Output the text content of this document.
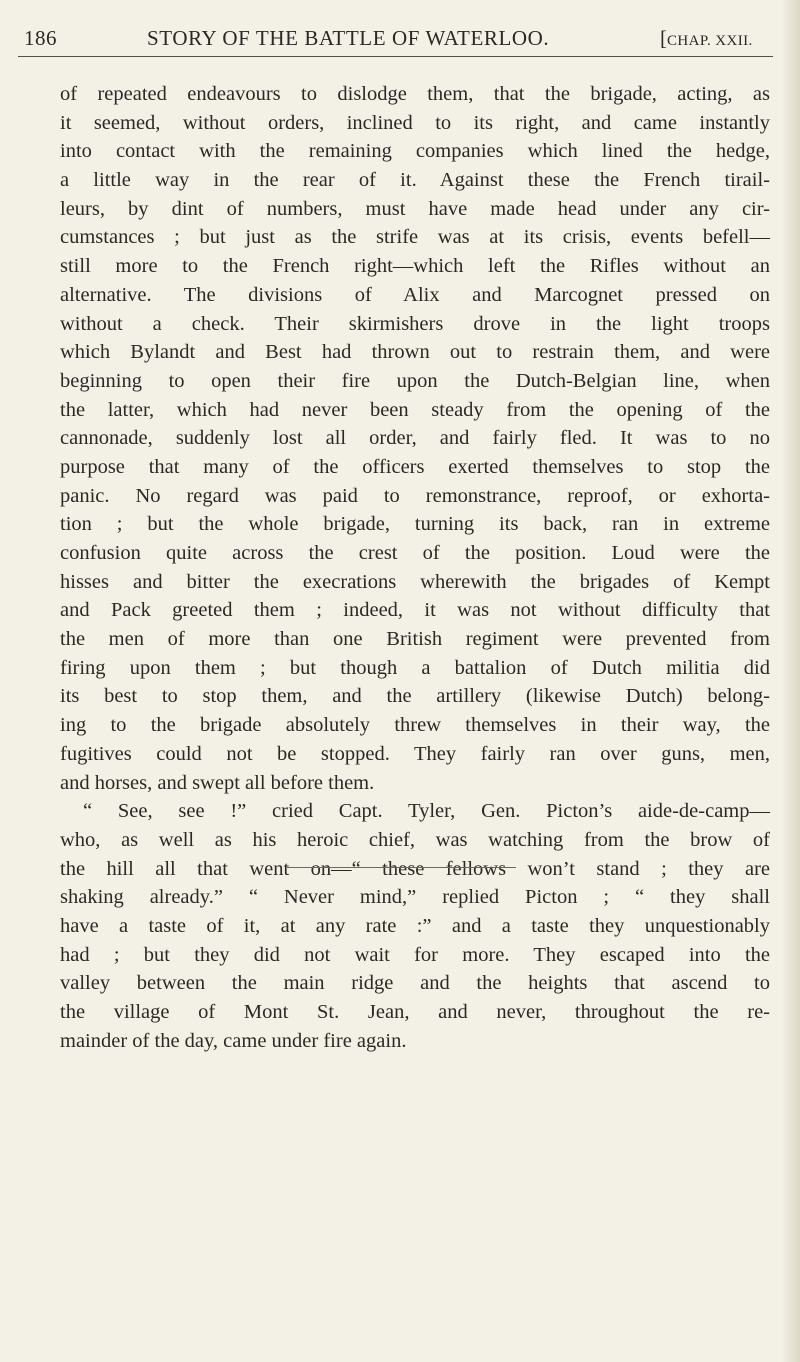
186	STORY OF THE BATTLE OF WATERLOO.	[CHAP. XXII.
of repeated endeavours to dislodge them, that the brigade, acting, as
it seemed, without orders, inclined to its right, and came instantly
into contact with the remaining companies which lined the hedge,
a little way in the rear of it. Against these the French tirail-
leurs, by dint of numbers, must have made head under any cir-
cumstances ; but just as the strife was at its crisis, events befell—
still more to the French right—which left the Rifles without an
alternative. The divisions of Alix and Marcognet pressed on
without a check. Their skirmishers drove in the light troops
which Bylandt and Best had thrown out to restrain them, and were
beginning to open their fire upon the Dutch-Belgian line, when
the latter, which had never been steady from the opening of the
cannonade, suddenly lost all order, and fairly fled. It was to no
purpose that many of the officers exerted themselves to stop the
panic. No regard was paid to remonstrance, reproof, or exhorta-
tion ; but the whole brigade, turning its back, ran in extreme
confusion quite across the crest of the position. Loud were the
hisses and bitter the execrations wherewith the brigades of Kempt
and Pack greeted them ; indeed, it was not without difficulty that
the men of more than one British regiment were prevented from
firing upon them ; but though a battalion of Dutch militia did
its best to stop them, and the artillery (likewise Dutch) belong-
ing to the brigade absolutely threw themselves in their way, the
fugitives could not be stopped. They fairly ran over guns, men,
and horses, and swept all before them.
“ See, see !” cried Capt. Tyler, Gen. Picton’s aide-de-camp—
who, as well as his heroic chief, was watching from the brow of
the hill all that went on—“ these fellows won’t stand ; they are
shaking already.” “ Never mind,” replied Picton ; “ they shall
have a taste of it, at any rate :” and a taste they unquestionably
had ; but they did not wait for more. They escaped into the
valley between the main ridge and the heights that ascend to
the village of Mont St. Jean, and never, throughout the re-
mainder of the day, came under fire again.
